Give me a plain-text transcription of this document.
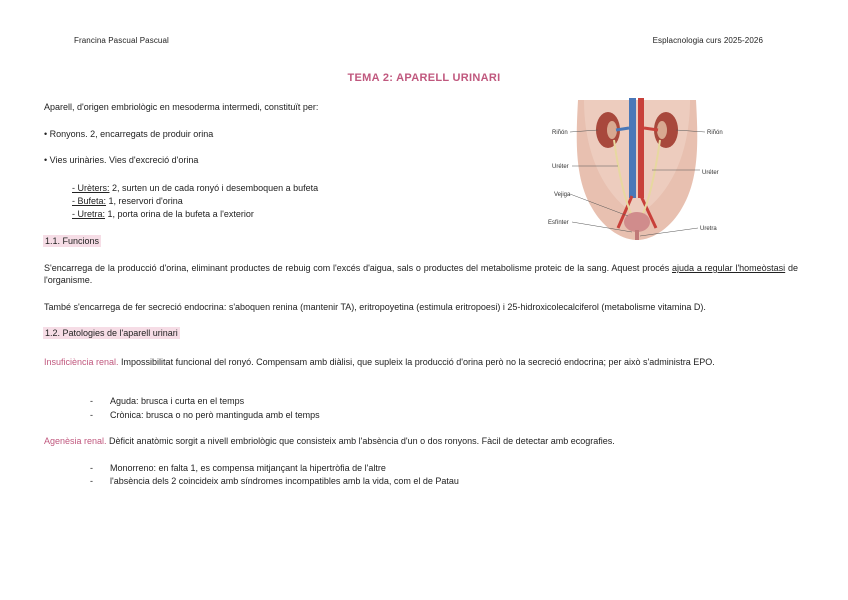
Francina Pascual Pascual	Esplacnologia curs 2025-2026
TEMA 2: APARELL URINARI
Aparell, d'origen embriològic en mesoderma intermedi, constituït per:
• Ronyons. 2, encarregats de produir orina
• Vies urinàries. Vies d'excreció d'orina
- Urèters: 2, surten un de cada ronyó i desemboquen a bufeta
- Bufeta: 1, reservori d'orina
- Uretra: 1, porta orina de la bufeta a l'exterior
Riñón	Riñón
Uréter
Uréter
Vejiga
Esfínter
Uretra
1.1. Funcions
S'encarrega de la producció d'orina, eliminant productes de rebuig com l'excés d'aigua, sals o productes del metabolisme proteic de la sang. Aquest procés ajuda a regular l'homeòstasi de l'organisme.
També s'encarrega de fer secreció endocrina: s'aboquen renina (mantenir TA), eritropoyetina (estimula eritropoesi) i 25-hidroxicolecalciferol (metabolisme vitamina D).
1.2. Patologies de l'aparell urinari
Insuficiència renal. Impossibilitat funcional del ronyó. Compensam amb diàlisi, que supleix la producció d'orina però no la secreció endocrina; per això s'administra EPO.
- Aguda: brusca i curta en el temps
- Crònica: brusca o no però mantinguda amb el temps
Agenèsia renal. Dèficit anatòmic sorgit a nivell embriològic que consisteix amb l'absència d'un o dos ronyons. Fàcil de detectar amb ecografies.
- Monorreno: en falta 1, es compensa mitjançant la hipertròfia de l'altre
- l'absència dels 2 coincideix amb síndromes incompatibles amb la vida, com el de Patau
